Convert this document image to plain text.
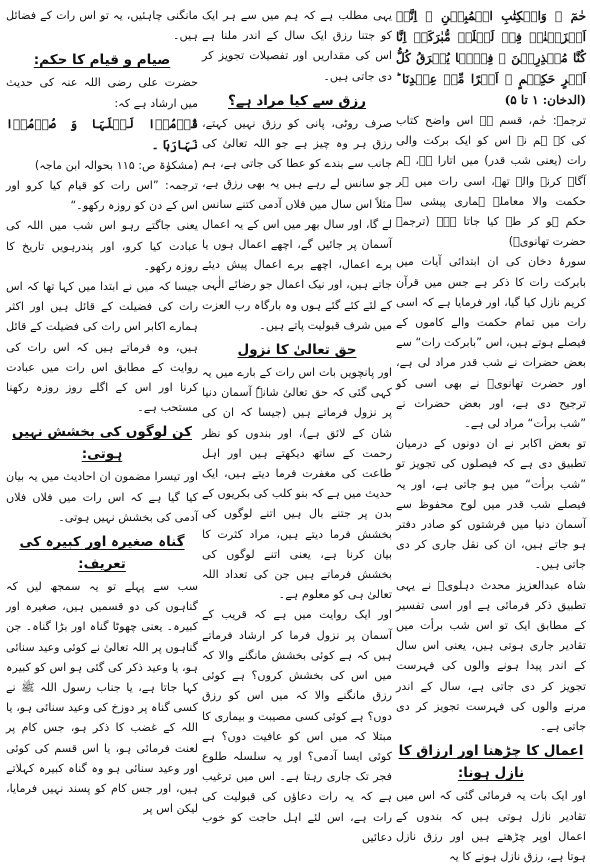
حٰمٓ ۚ وَالۡکِتٰبِ الۡمُبِیۡنِ ۙ اِنَّاۤ اَنۡزَلۡنٰہُ فِیۡ لَیۡلَۃٍ مُّبٰرَکَۃٍ اِنَّا کُنَّا مُنۡذِرِیۡنَ ۔ فِیۡہَا یُفۡرَقُ کُلُّ اَمۡرٍ حَکِیۡمٍ ۙ اَمۡرًا مِّنۡ عِنۡدِنَا ؕ (الدخان: ۱ تا ۵)

ترجمہ: حٰم، قسم ہے اس واضح کتاب کی کہ ہم نے اس کو ایک برکت والی رات (یعنی شب قدر) میں اتارا ہے، ہم آگاہ کرنے والے تھے، اسی رات میں ہر حکمت والا معاملہ ہماری پیشی سے حکم ہو کر طے کیا جاتا ہے۔ (ترجمہ حضرت تھانویؒ)

سورۂ دخان کی ان ابتدائی آیات میں بابرکت رات کا ذکر ہے جس میں قرآن کریم نازل کیا گیا، اور فرمایا ہے کہ اسی رات میں تمام حکمت والے کاموں کے فیصلے ہوتے ہیں، اس ”بابرکت رات“ سے بعض حضرات نے شب قدر مراد لی ہے، اور حضرت تھانویؒ نے بھی اسی کو ترجیح دی ہے، اور بعض حضرات نے ”شب برأت“ مراد لی ہے۔

تو بعض اکابر نے ان دونوں کے درمیان تطبیق دی ہے کہ فیصلوں کی تجویز تو ”شب برأت“ میں ہو جاتی ہے، اور یہ فیصلے شب قدر میں لوح محفوظ سے آسمان دنیا میں فرشتوں کو صادر دفتر ہو جاتے ہیں، ان کی نقل جاری کر دی جاتی ہیں۔

شاہ عبدالعزیز محدث دہلویؒ نے یہی تطبیق ذکر فرمائی ہے اور اسی تفسیر کے مطابق ایک تو اس شب برأت میں تقادیر جاری ہوتی ہیں، یعنی اس سال کے اندر پیدا ہونے والوں کی فہرست تجویز کر دی جاتی ہے، سال کے اندر مرنے والوں کی فہرست تجویز کر دی جاتی ہے۔

اعمال کا چڑھنا اور ارزاق کا نازل ہونا:

اور ایک بات یہ فرمائی گئی کہ اس میں تقادیر نازل ہوتی ہیں کہ بندوں کے اعمال اوپر چڑھتے ہیں اور رزق نازل ہوتا ہے، رزق نازل ہونے کا یہ

یہی مطلب ہے کہ ہم میں سے ہر ایک کو جتنا رزق ایک سال کے اندر ملنا ہے اس کی مقداریں اور تفصیلات تجویز کر دی جاتی ہیں۔

رزق سے کیا مراد ہے؟

صرف روٹی، پانی کو رزق نہیں کہتے، رزق ہر وہ چیز ہے جو اللہ تعالیٰ کی جانب سے بندے کو عطا کی جاتی ہے، ہم جو سانس لے رہے ہیں یہ بھی رزق ہے، مثلاً اس سال میں فلاں آدمی کتنے سانس لے گا، اور سال بھر میں اس کے یہ اعمال آسمان پر جائیں گے، اچھے اعمال ہوں یا برے اعمال، اچھے برے اعمال پیش دیئے جاتے ہیں، اور نیک اعمال جو رضائے الٰہی کے لئے کئے گئے ہوں وہ بارگاہ رب العزت میں شرف قبولیت پاتے ہیں۔

حق تعالیٰ کا نزول

اور پانچویں بات اس رات کے بارے میں یہ کہی گئی کہ حق تعالیٰ شانہٗ آسمان دنیا پر نزول فرماتے ہیں (جیسا کہ ان کی شان کے لائق ہے)، اور بندوں کو نظر رحمت کے ساتھ دیکھتے ہیں اور اہل طاعت کی مغفرت فرما دیتے ہیں، ایک حدیث میں ہے کہ بنو کلب کی بکریوں کے بدن پر جتنے بال ہیں اتنے لوگوں کی بخشش فرما دیتے ہیں، مراد کثرت کا بیان کرنا ہے، یعنی اتنے لوگوں کی بخشش فرماتے ہیں جن کی تعداد اللہ تعالیٰ ہی کو معلوم ہے۔

اور ایک روایت میں ہے کہ قریب کے آسمان پر نزول فرما کر ارشاد فرماتے ہیں کہ ہے کوئی بخشش مانگنے والا کہ میں اس کی بخشش کروں؟ ہے کوئی رزق مانگنے والا کہ میں اس کو رزق دوں؟ ہے کوئی کسی مصیبت و بیماری کا مبتلا کہ میں اس کو عافیت دوں؟ ہے کوئی ایسا آدمی؟ اور یہ سلسلہ طلوع فجر تک جاری رہتا ہے۔ اس میں ترغیب ہے کہ یہ رات دعاؤں کی قبولیت کی رات ہے، اس لئے اہل حاجت کو خوب دعائیں

مانگنی چاہئیں، یہ تو اس رات کے فضائل ہیں۔

صیام و قیام کا حکم:

حضرت علی رضی اللہ عنہ کی حدیث میں ارشاد ہے کہ:

قُوۡمُوۡا لَیۡلَہَا وَ صُوۡمُوۡا نَہَارَہَا ۔

(مشکوٰۃ ص: ۱۱۵ بحوالہ ابن ماجہ)

ترجمہ: ”اس رات کو قیام کیا کرو اور اس کے دن کو روزہ رکھو۔“

یعنی جاگتے رہو اس شب میں اللہ کی عبادت کیا کرو، اور پندرہویں تاریخ کا روزہ رکھو۔

جیسا کہ میں نے ابتدا میں کہا تھا کہ اس رات کی فضیلت کے قائل ہیں اور اکثر ہمارے اکابر اس رات کی فضیلت کے قائل ہیں، وہ فرماتے ہیں کہ اس رات کی روایت کے مطابق اس رات میں عبادت کرنا اور اس کے اگلے روز روزہ رکھنا مستحب ہے۔

کن لوگوں کی بخشش نہیں ہوتی:

اور تیسرا مضمون ان احادیث میں یہ بیان کیا گیا ہے کہ اس رات میں فلاں فلاں آدمی کی بخشش نہیں ہوتی۔

گناہ صغیرہ اور کبیرہ کی تعریف:

سب سے پہلے تو یہ سمجھ لیں کہ گناہوں کی دو قسمیں ہیں، صغیرہ اور کبیرہ۔ یعنی چھوٹا گناہ اور بڑا گناہ۔ جن گناہوں پر اللہ تعالیٰ نے کوئی وعید سنائی ہو، یا وعید ذکر کی گئی ہو اس کو کبیرہ کہا جاتا ہے، یا جناب رسول اللہ ﷺ نے کسی گناہ پر دوزخ کی وعید سنائی ہو، یا اللہ کے غضب کا ذکر ہو، جس کام پر لعنت فرمائی ہو، یا اس قسم کی کوئی اور وعید سنائی ہو وہ گناہ کبیرہ کہلاتے ہیں، اور جس کام کو پسند نہیں فرمایا، لیکن اس پر
